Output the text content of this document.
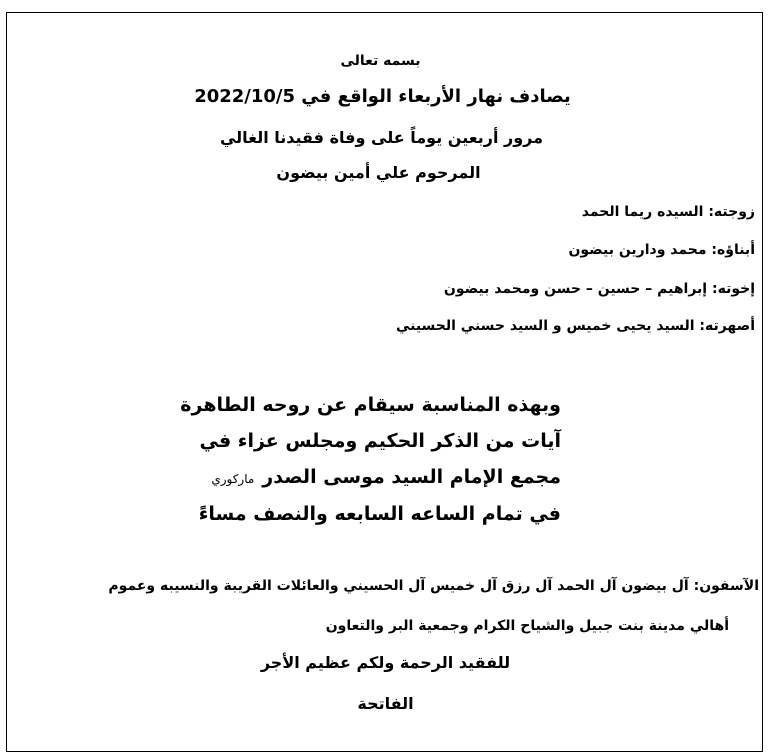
بسمه تعالى
يصادف نهار الأربعاء الواقع في 2022/10/5
مرور أربعين يوماً على وفاة فقيدنا الغالي
المرحوم علي أمين بيضون
زوجته: السيده ريما الحمد
أبناؤه: محمد ودارين بيضون
إخوته: إبراهيم – حسين – حسن ومحمد بيضون
أصهرته: السيد يحيى خميس و السيد حسني الحسيني
وبهذه المناسبة سيقام عن روحه الطاهرة
آيات من الذكر الحكيم ومجلس عزاء في
مجمع الإمام السيد موسى الصدرماركوري
في تمام الساعه السابعه والنصف مساءً
الآسفون: آل بيضون آل الحمد آل رزق آل خميس آل الحسيني والعائلات القريبة والنسيبه وعموم
أهالي مدينة بنت جبيل والشياح الكرام وجمعية البر والتعاون
للفقيد الرحمة ولكم عظيم الأجر
الفاتحة
